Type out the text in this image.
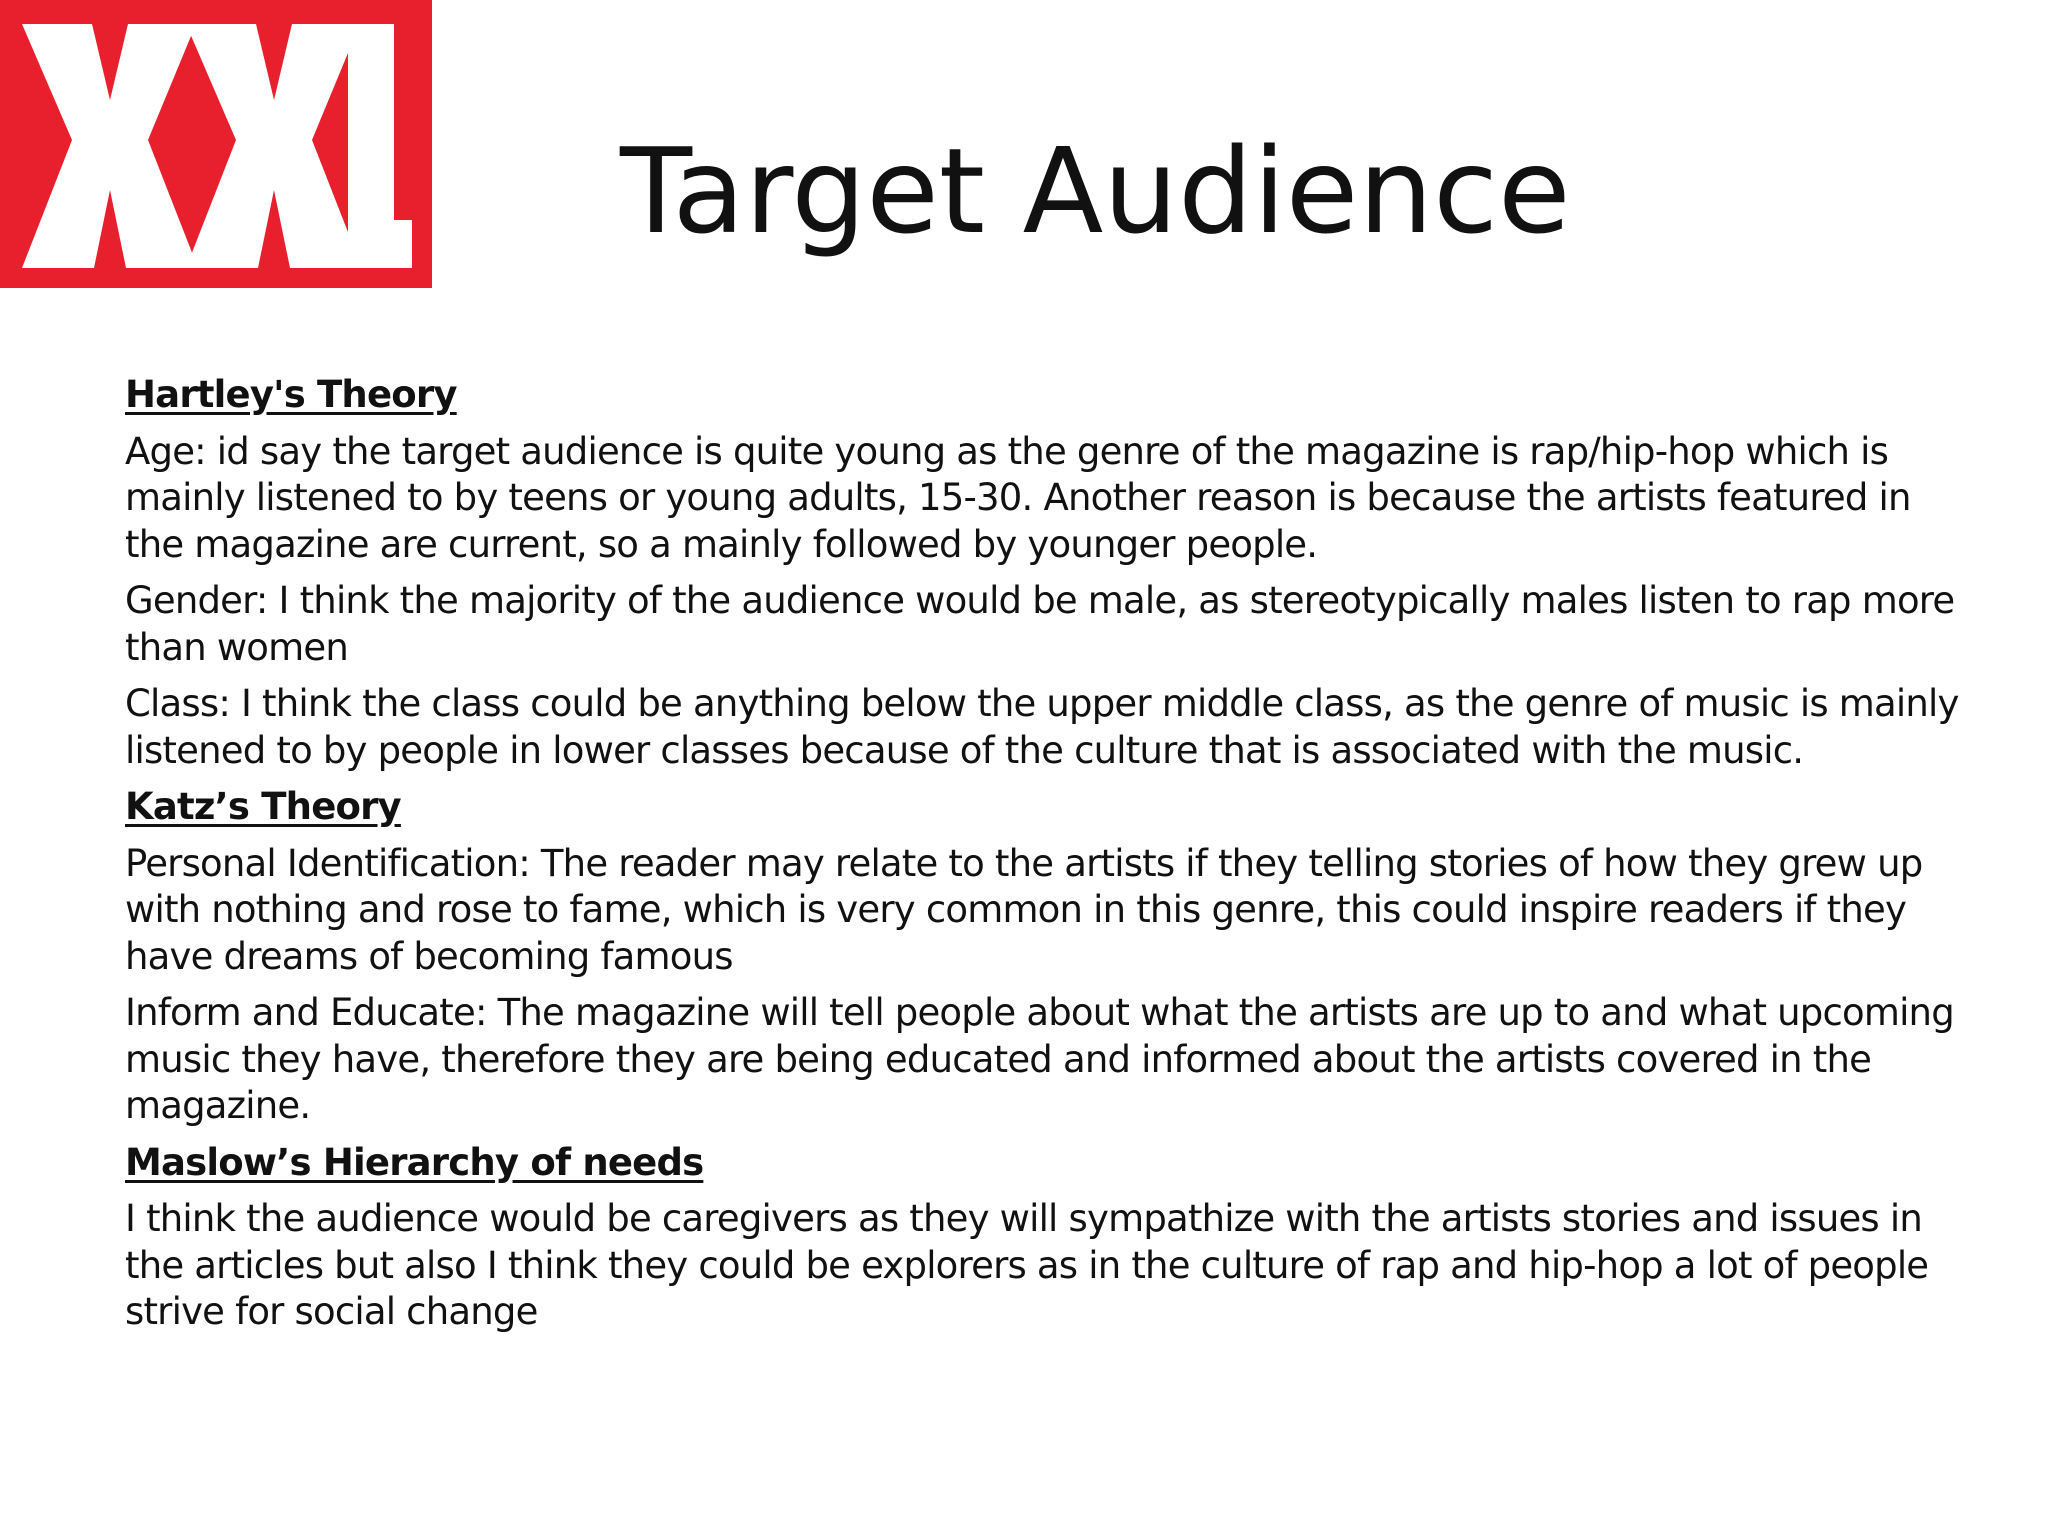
Target Audience
Hartley's Theory
Age: id say the target audience is quite young as the genre of the magazine is rap/hip-hop which is mainly listened to by teens or young adults, 15-30. Another reason is because the artists featured in the magazine are current, so a mainly followed by younger people.
Gender: I think the majority of the audience would be male, as stereotypically males listen to rap more than women
Class: I think the class could be anything below the upper middle class, as the genre of music is mainly listened to by people in lower classes because of the culture that is associated with the music.
Katz’s Theory
Personal Identification: The reader may relate to the artists if they telling stories of how they grew up with nothing and rose to fame, which is very common in this genre, this could inspire readers if they have dreams of becoming famous
Inform and Educate: The magazine will tell people about what the artists are up to and what upcoming music they have, therefore they are being educated and informed about the artists covered in the magazine.
Maslow’s Hierarchy of needs
I think the audience would be caregivers as they will sympathize with the artists stories and issues in the articles but also I think they could be explorers as in the culture of rap and hip-hop a lot of people strive for social change
